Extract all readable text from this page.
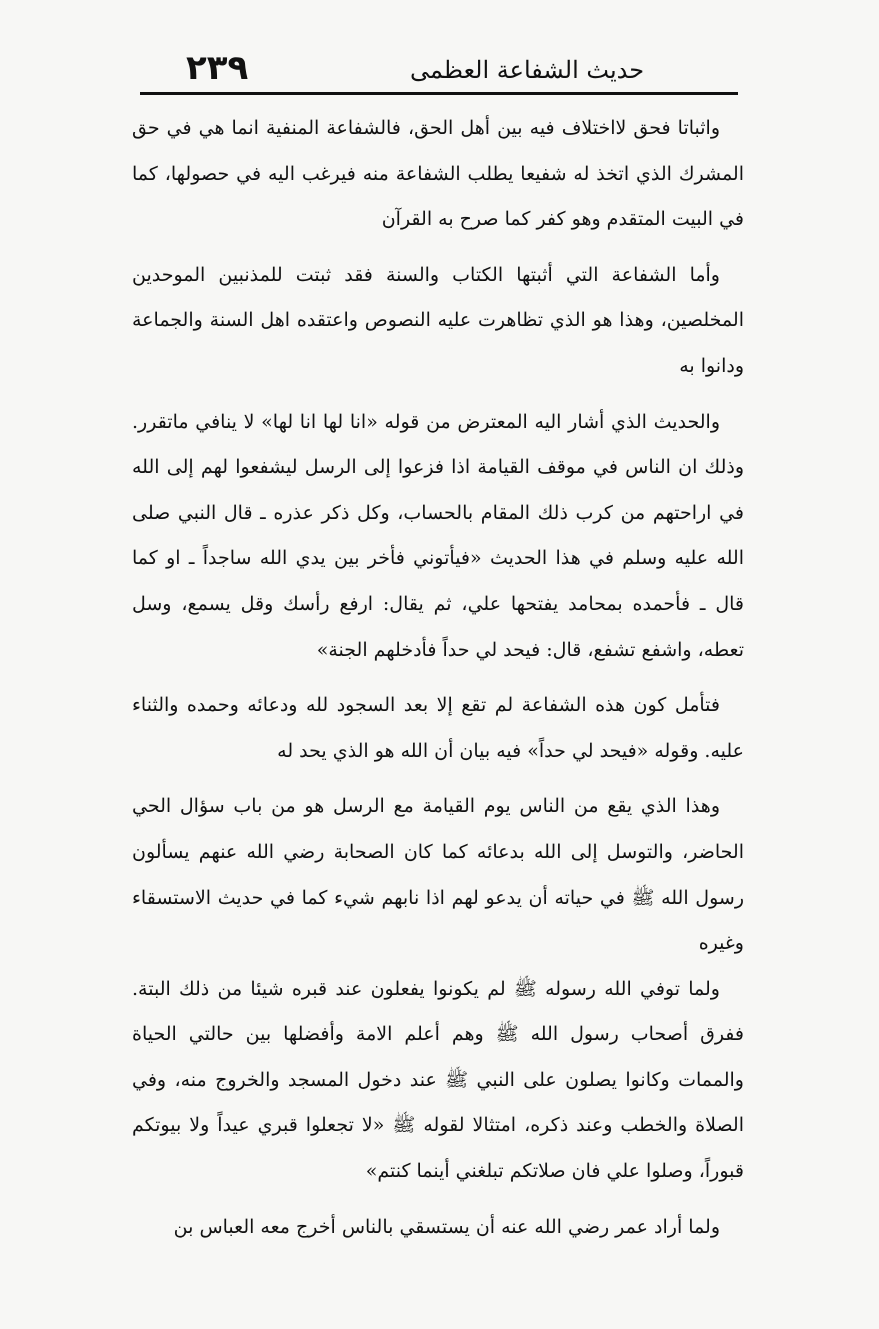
٢٣٩	حديث الشفاعة العظمى

واثباتا فحق لااختلاف فيه بين أهل الحق، فالشفاعة المنفية انما هي في حق المشرك الذي اتخذ له شفيعا يطلب الشفاعة منه فيرغب اليه في حصولها، كما في البيت المتقدم وهو كفر كما صرح به القرآن

وأما الشفاعة التي أثبتها الكتاب والسنة فقد ثبتت للمذنبين الموحدين المخلصين، وهذا هو الذي تظاهرت عليه النصوص واعتقده اهل السنة والجماعة ودانوا به

والحديث الذي أشار اليه المعترض من قوله «انا لها انا لها» لا ينافي ماتقرر. وذلك ان الناس في موقف القيامة اذا فزعوا إلى الرسل ليشفعوا لهم إلى الله في اراحتهم من كرب ذلك المقام بالحساب، وكل ذكر عذره ـ قال النبي صلى الله عليه وسلم في هذا الحديث «فيأتوني فأخر بين يدي الله ساجداً ـ او كما قال ـ فأحمده بمحامد يفتحها علي، ثم يقال: ارفع رأسك وقل يسمع، وسل تعطه، واشفع تشفع، قال: فيحد لي حداً فأدخلهم الجنة»

فتأمل كون هذه الشفاعة لم تقع إلا بعد السجود لله ودعائه وحمده والثناء عليه. وقوله «فيحد لي حداً» فيه بيان أن الله هو الذي يحد له

وهذا الذي يقع من الناس يوم القيامة مع الرسل هو من باب سؤال الحي الحاضر، والتوسل إلى الله بدعائه كما كان الصحابة رضي الله عنهم يسألون رسول الله ﷺ في حياته أن يدعو لهم اذا نابهم شيء كما في حديث الاستسقاء وغيره

ولما توفي الله رسوله ﷺ لم يكونوا يفعلون عند قبره شيئا من ذلك البتة. ففرق أصحاب رسول الله ﷺ وهم أعلم الامة وأفضلها بين حالتي الحياة والممات وكانوا يصلون على النبي ﷺ عند دخول المسجد والخروج منه، وفي الصلاة والخطب وعند ذكره، امتثالا لقوله ﷺ «لا تجعلوا قبري عيداً ولا بيوتكم قبوراً، وصلوا علي فان صلاتكم تبلغني أينما كنتم»

ولما أراد عمر رضي الله عنه أن يستسقي بالناس أخرج معه العباس بن
